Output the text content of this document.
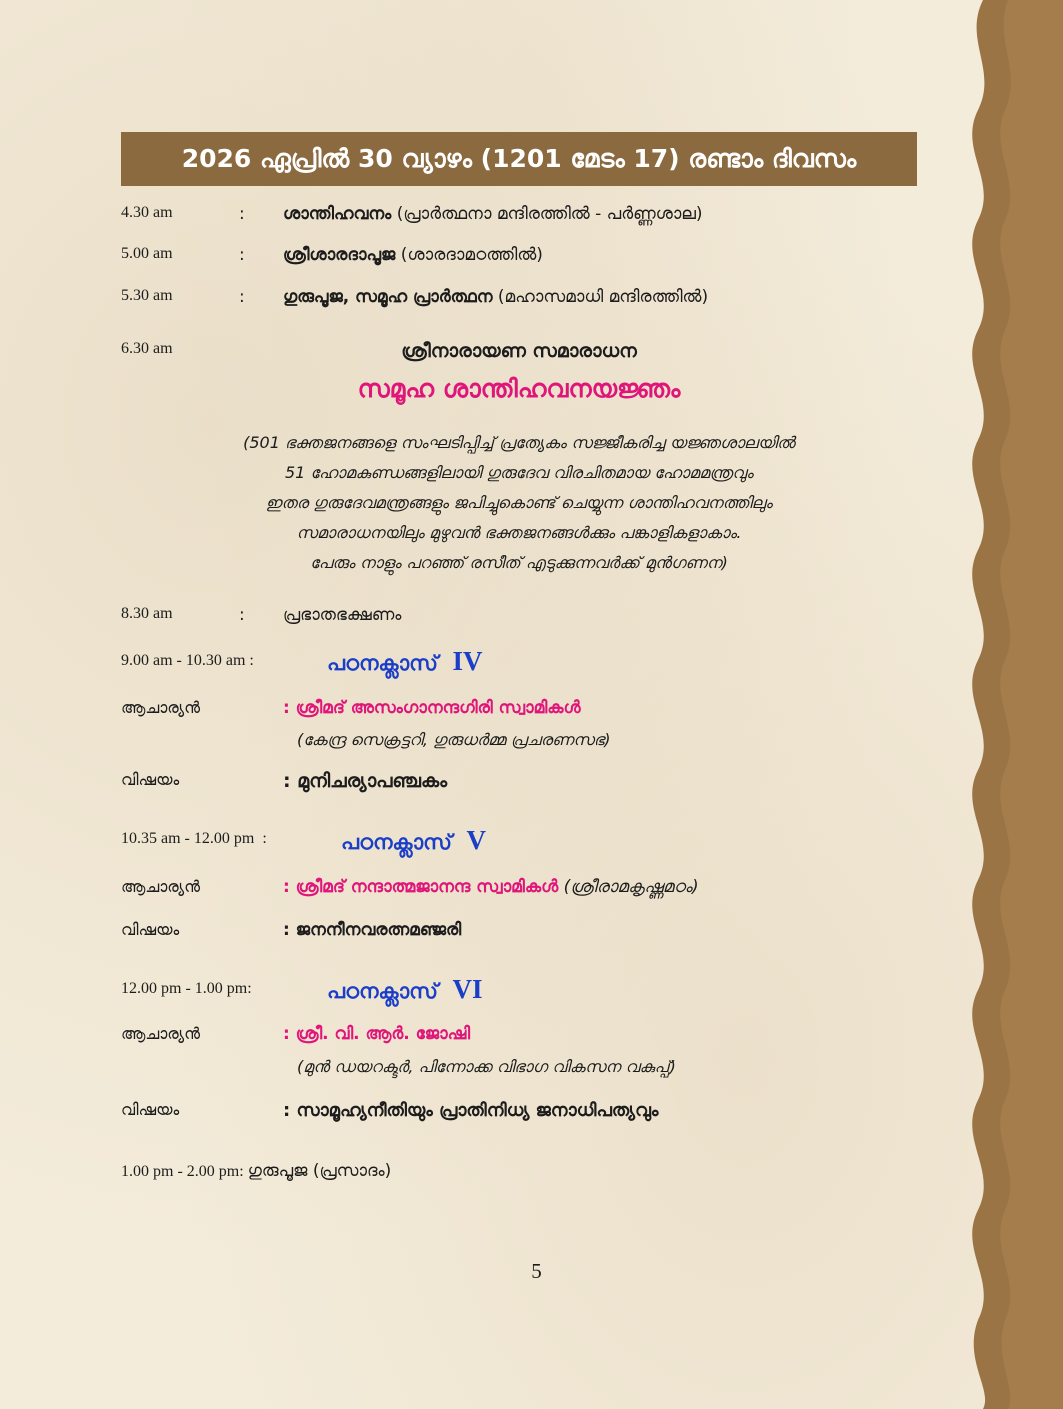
2026 ഏപ്രിൽ 30 വ്യാഴം (1201 മേടം 17) രണ്ടാം ദിവസം
4.30 am	: ശാന്തിഹവനം (പ്രാർത്ഥനാ മന്ദിരത്തിൽ - പർണ്ണശാല)
5.00 am	: ശ്രീശാരദാപൂജ (ശാരദാമഠത്തിൽ)
5.30 am	: ഗുരുപൂജ, സമൂഹ പ്രാർത്ഥന (മഹാസമാധി മന്ദിരത്തിൽ)
6.30 am	ശ്രീനാരായണ സമാരാധന
സമൂഹ ശാന്തിഹവനയജ്ഞം
(501 ഭക്തജനങ്ങളെ സംഘടിപ്പിച്ച് പ്രത്യേകം സജ്ജീകരിച്ച യജ്ഞശാലയിൽ
51 ഹോമകുണ്ഡങ്ങളിലായി ഗുരുദേവ വിരചിതമായ ഹോമമന്ത്രവും
ഇതര ഗുരുദേവമന്ത്രങ്ങളും ജപിച്ചുകൊണ്ട് ചെയ്യുന്ന ശാന്തിഹവനത്തിലും
സമാരാധനയിലും മുഴുവൻ ഭക്തജനങ്ങൾക്കും പങ്കാളികളാകാം.
പേരും നാളും പറഞ്ഞ് രസീത് എടുക്കുന്നവർക്ക് മുൻഗണന)
8.30 am	: പ്രഭാതഭക്ഷണം
9.00 am - 10.30 am :	പഠനക്ലാസ് IV
ആചാര്യൻ	: ശ്രീമദ് അസംഗാനന്ദഗിരി സ്വാമികൾ
(കേന്ദ്ര സെക്രട്ടറി, ഗുരുധർമ്മ പ്രചരണസഭ)
വിഷയം	: മുനിചര്യാപഞ്ചകം
10.35 am - 12.00 pm :	പഠനക്ലാസ് V
ആചാര്യൻ	: ശ്രീമദ് നന്ദാത്മജാനന്ദ സ്വാമികൾ (ശ്രീരാമകൃഷ്ണമഠം)
വിഷയം	: ജനനീനവരത്നമഞ്ജരി
12.00 pm - 1.00 pm:	പഠനക്ലാസ് VI
ആചാര്യൻ	: ശ്രീ. വി. ആർ. ജോഷി
(മുൻ ഡയറക്ടർ, പിന്നോക്ക വിഭാഗ വികസന വകുപ്പ്)
വിഷയം	: സാമൂഹ്യനീതിയും പ്രാതിനിധ്യ ജനാധിപത്യവും
1.00 pm - 2.00 pm: ഗുരുപൂജ (പ്രസാദം)
5
